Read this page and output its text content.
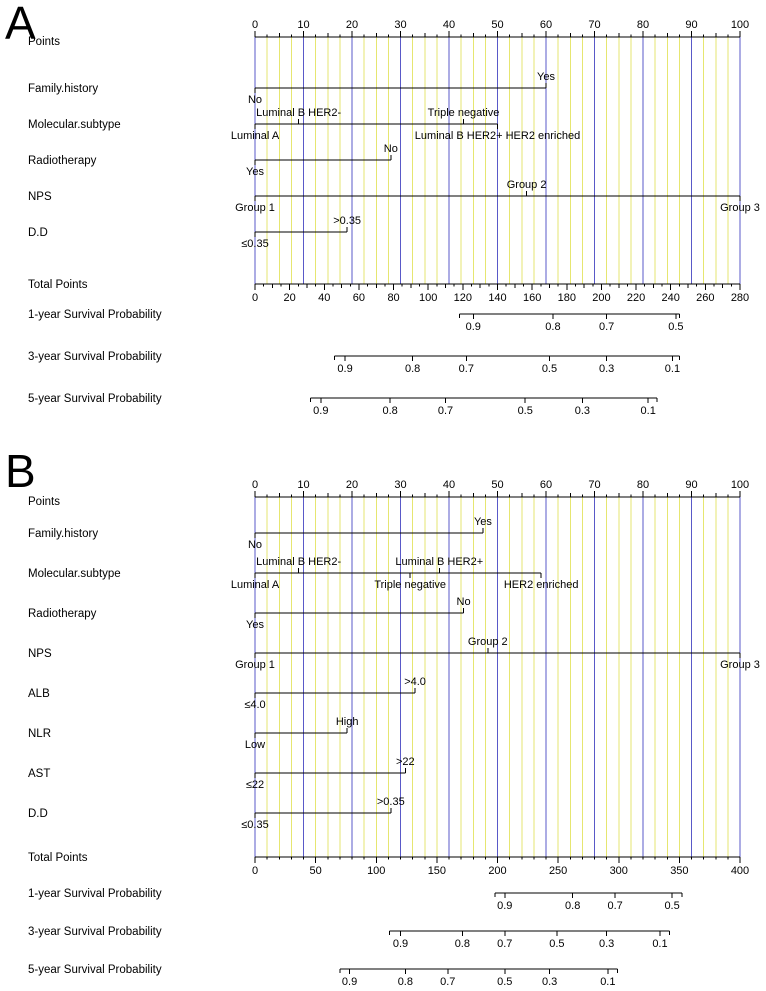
A	0	10	20	30	40	50	60	70	80	90	100
Points
Family.history
No
Yes
Molecular.subtype
Luminal A
Luminal B HER2-	Triple negative
Luminal B HER2+ HER2 enriched
Radiotherapy
Yes
No
NPS
Group 1
Group 2
Group 3
D.D
≤0.35
>0.35
Total Points
0 20 40 60 80 100 120 140 160 180 200 220 240 260 280
1-year Survival Probability
0.9	0.8	0.7	0.5
3-year Survival Probability
0.9	0.8	0.7	0.5	0.3	0.1
5-year Survival Probability
0.9	0.8	0.7	0.5	0.3	0.1
B	0	10	20	30	40	50	60	70	80	90	100
Points
Family.history
No
Yes
Molecular.subtype
Luminal A
Luminal B HER2-
Triple negative
Luminal B HER2+
HER2 enriched
Radiotherapy
Yes
No
NPS
Group 1
Group 2
Group 3
ALB
≤4.0
>4.0
NLR
Low
High
AST
≤22
>22
D.D
≤0.35
>0.35
Total Points
0	50	100	150	200	250	300	350	400
1-year Survival Probability
0.9	0.8 0.7	0.5
3-year Survival Probability
0.9	0.8 0.7	0.5	0.3	0.1
5-year Survival Probability
0.9	0.8 0.7	0.5	0.3	0.1
